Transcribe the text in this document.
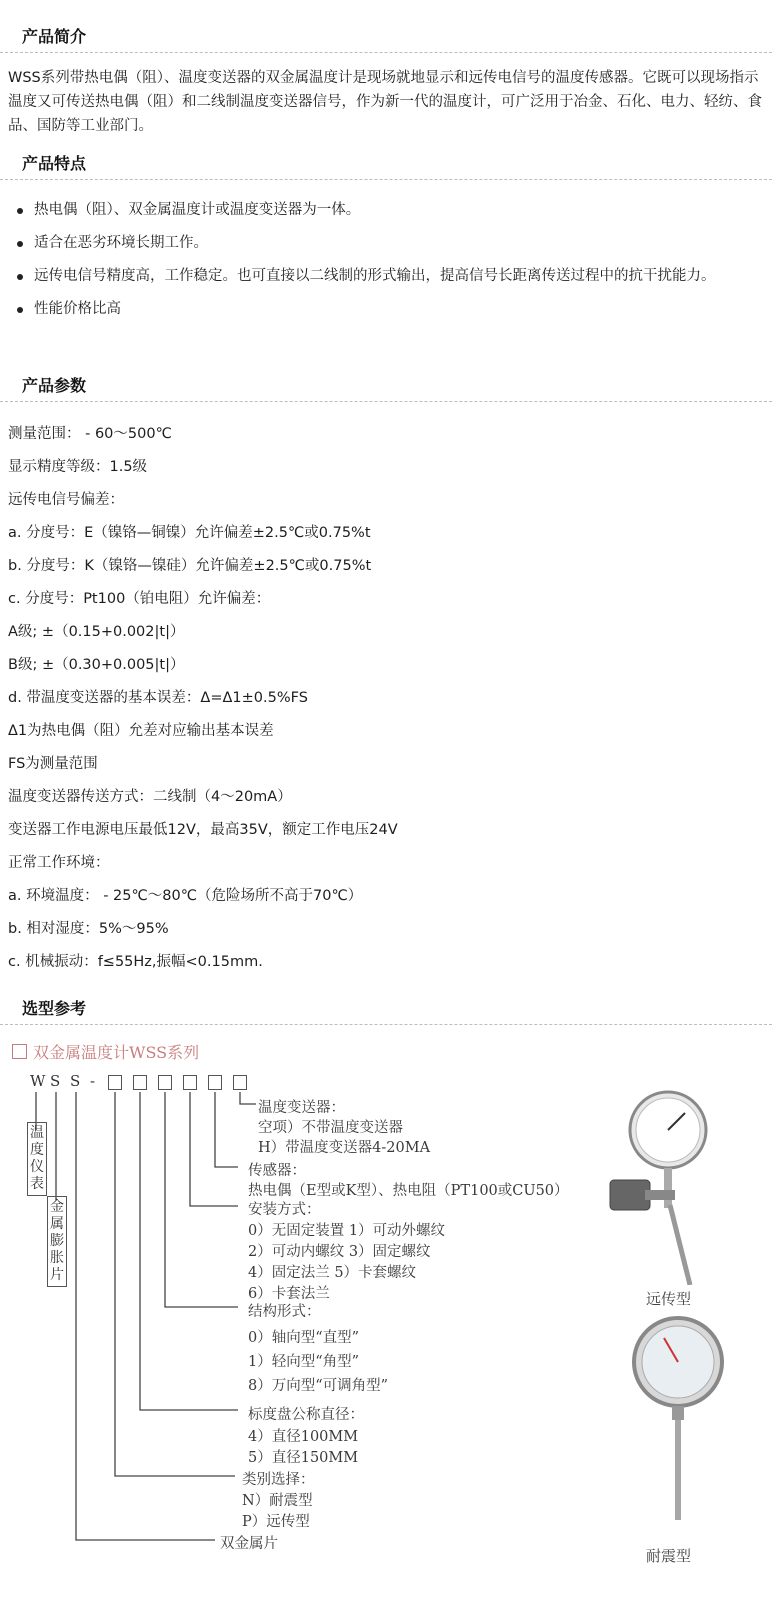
产品简介

WSS系列带热电偶（阻）、温度变送器的双金属温度计是现场就地显示和远传电信号的温度传感器。它既可以现场指示温度又可传送热电偶（阻）和二线制温度变送器信号，作为新一代的温度计，可广泛用于冶金、石化、电力、轻纺、食品、国防等工业部门。

产品特点
热电偶（阻）、双金属温度计或温度变送器为一体。
适合在恶劣环境长期工作。
远传电信号精度高，工作稳定。也可直接以二线制的形式输出，提高信号长距离传送过程中的抗干扰能力。
性能价格比高
产品参数
测量范围： - 60～500℃
显示精度等级：1.5级
远传电信号偏差：
a. 分度号：E（镍铬—铜镍）允许偏差±2.5℃或0.75%t
b. 分度号：K（镍铬—镍硅）允许偏差±2.5℃或0.75%t
c. 分度号：Pt100（铂电阻）允许偏差：
A级; ±（0.15+0.002|t|）
B级; ±（0.30+0.005|t|）
d. 带温度变送器的基本误差：Δ=Δ1±0.5%FS
Δ1为热电偶（阻）允差对应输出基本误差
FS为测量范围
温度变送器传送方式：二线制（4～20mA）
变送器工作电源电压最低12V，最高35V，额定工作电压24V
正常工作环境：
a. 环境温度： - 25℃～80℃（危险场所不高于70℃）
b. 相对湿度：5%～95%
c. 机械振动：f≤55Hz,振幅<0.15mm.
选型参考
双金属温度计WSS系列
W S S -
温度仪表
金属膨胀片
温度变送器：
空项）不带温度变送器
H）带温度变送器4-20MA
传感器：
热电偶（E型或K型）、热电阻（PT100或CU50）
安装方式：
0）无固定装置 1）可动外螺纹
2）可动内螺纹 3）固定螺纹
4）固定法兰 5）卡套螺纹
6）卡套法兰
结构形式：
0）轴向型“直型”
1）轻向型“角型”
8）万向型“可调角型”
标度盘公称直径：
4）直径100MM
5）直径150MM
类别选择：
N）耐震型
P）远传型
双金属片
远传型
耐震型
